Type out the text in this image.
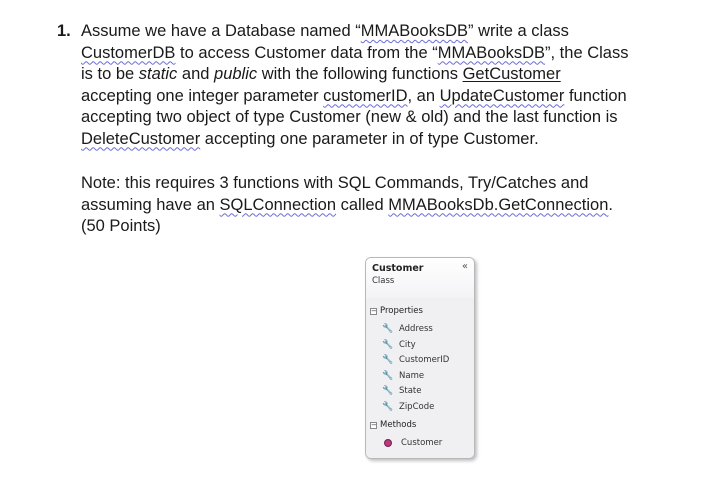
1. Assume we have a Database named “MMABooksDB” write a class
CustomerDB to access Customer data from the “MMABooksDB”, the Class
is to be static and public with the following functions GetCustomer
accepting one integer parameter customerID, an UpdateCustomer function
accepting two object of type Customer (new & old) and the last function is
DeleteCustomer accepting one parameter in of type Customer.
Note: this requires 3 functions with SQL Commands, Try/Catches and
assuming have an SQLConnection called MMABooksDb.GetConnection.
(50 Points)
Customer
Class
«
− Properties
🔧 Address
🔧 City
🔧 CustomerID
🔧 Name
🔧 State
🔧 ZipCode
− Methods
Customer
